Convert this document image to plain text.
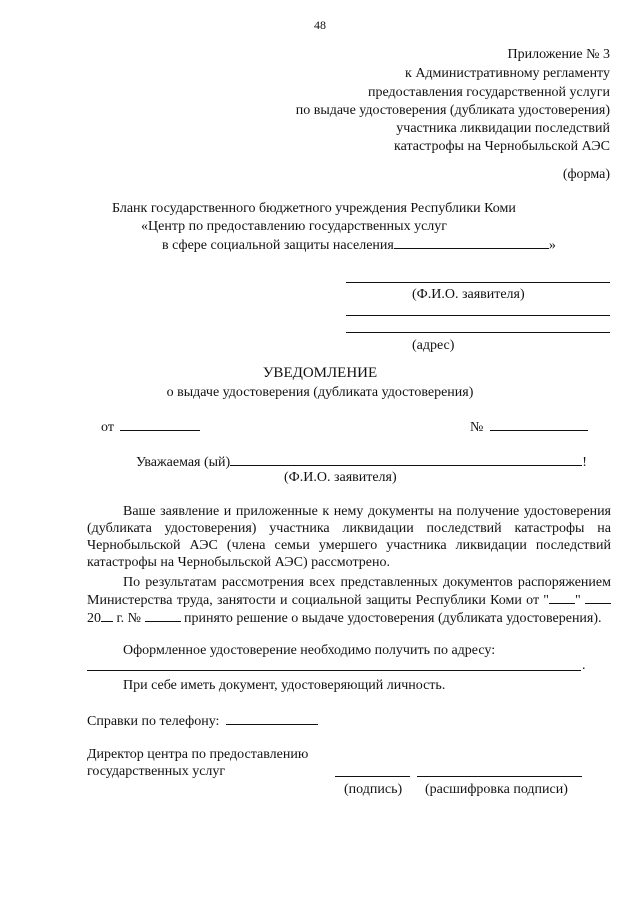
48
Приложение № 3
к Административному регламенту
предоставления государственной услуги
по выдаче удостоверения (дубликата удостоверения)
участника ликвидации последствий
катастрофы на Чернобыльской АЭС
(форма)
Бланк государственного бюджетного учреждения Республики Коми
«Центр по предоставлению государственных услуг
в сфере социальной защиты населения	»
(Ф.И.О. заявителя)
(адрес)
УВЕДОМЛЕНИЕ
о выдаче удостоверения (дубликата удостоверения)
от	№
Уважаемая (ый)	!
(Ф.И.О. заявителя)
Ваше заявление и приложенные к нему документы на получение удостоверения (дубликата удостоверения) участника ликвидации последствий катастрофы на Чернобыльской АЭС (члена семьи умершего участника ликвидации последствий катастрофы на Чернобыльской АЭС) рассмотрено.
По результатам рассмотрения всех представленных документов распоряжением Министерства труда, занятости и социальной защиты Республики Коми от " " 20 г. №	принято решение о выдаче удостоверения (дубликата удостоверения).
Оформленное удостоверение необходимо получить по адресу:
.
При себе иметь документ, удостоверяющий личность.
Справки по телефону:
Директор центра по предоставлению
государственных услуг
(подпись) (расшифровка подписи)
